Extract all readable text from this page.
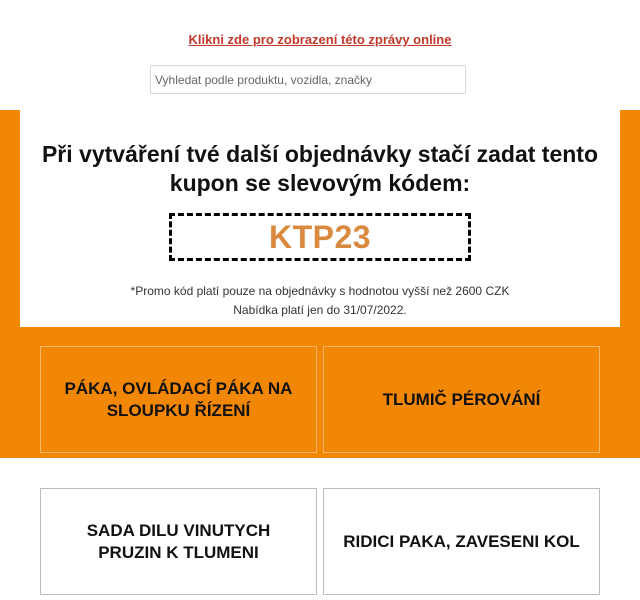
Klikni zde pro zobrazení této zprávy online
Vyhledat podle produktu, vozidla, značky
Při vytváření tvé další objednávky stačí zadat tento kupon se slevovým kódem:
KTP23
*Promo kód platí pouze na objednávky s hodnotou vyšší než 2600 CZK
Nabídka platí jen do 31/07/2022.
PÁKA, OVLÁDACÍ PÁKA NA SLOUPKU ŘÍZENÍ
TLUMIČ PÉROVÁNÍ
SADA DILU VINUTYCH PRUZIN K TLUMENI
RIDICI PAKA, ZAVESENI KOL
